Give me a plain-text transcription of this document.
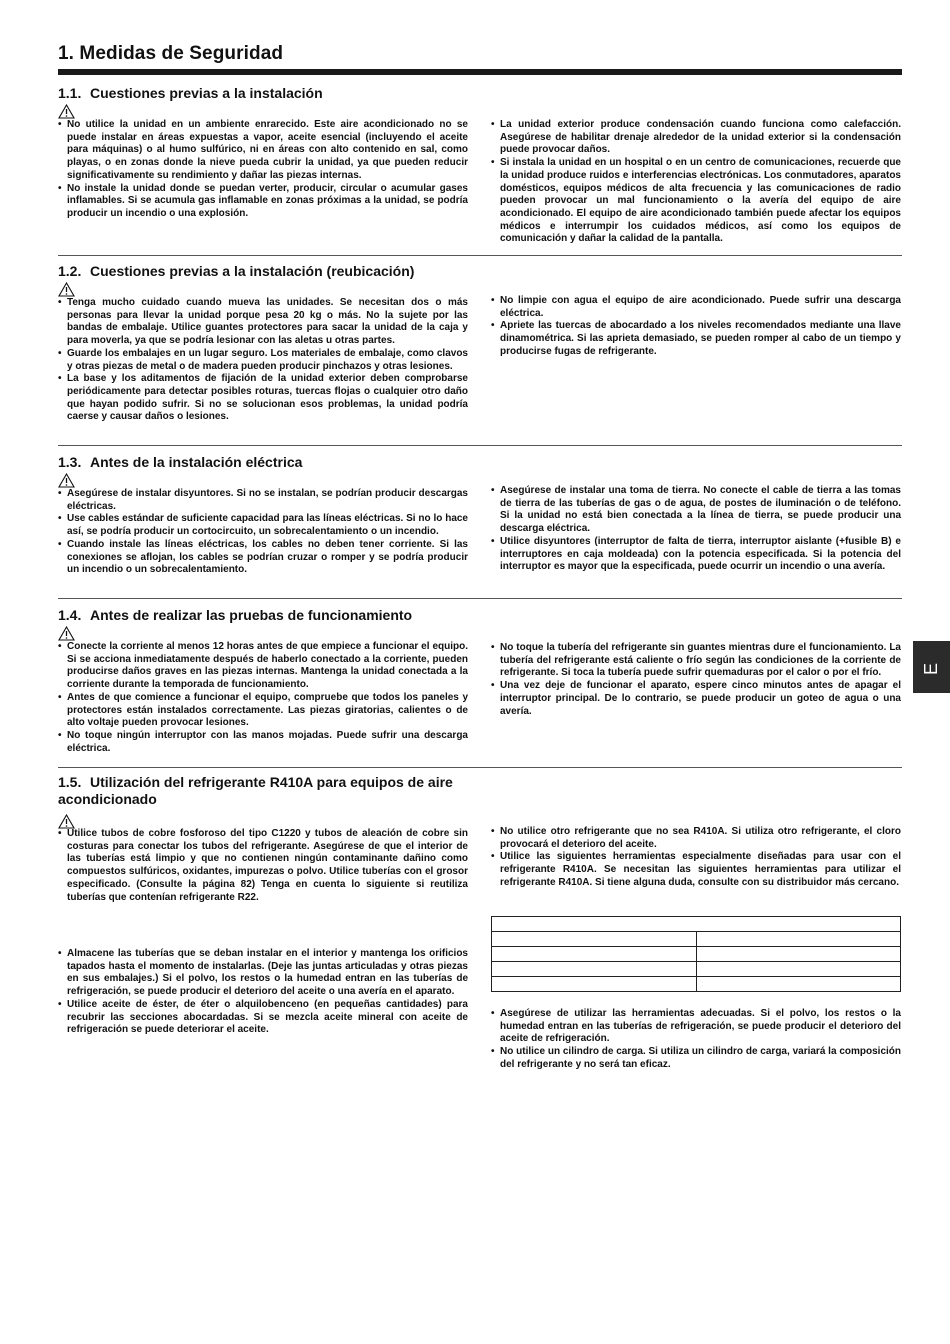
1. Medidas de Seguridad
1.1. Cuestiones previas a la instalación
• No utilice la unidad en un ambiente enrarecido. Este aire acondicionado no se puede instalar en áreas expuestas a vapor, aceite esencial (incluyendo el aceite para máquinas) o al humo sulfúrico, ni en áreas con alto contenido en sal, como playas, o en zonas donde la nieve pueda cubrir la unidad, ya que pueden reducir significativamente su rendimiento y dañar las piezas internas.
• No instale la unidad donde se puedan verter, producir, circular o acumular gases inflamables. Si se acumula gas inflamable en zonas próximas a la unidad, se podría producir un incendio o una explosión.
• La unidad exterior produce condensación cuando funciona como calefacción. Asegúrese de habilitar drenaje alrededor de la unidad exterior si la condensación puede provocar daños.
• Si instala la unidad en un hospital o en un centro de comunicaciones, recuerde que la unidad produce ruidos e interferencias electrónicas. Los conmutadores, aparatos domésticos, equipos médicos de alta frecuencia y las comunicaciones de radio pueden provocar un mal funcionamiento o la avería del equipo de aire acondicionado. El equipo de aire acondicionado también puede afectar los equipos médicos e interrumpir los cuidados médicos, así como los equipos de comunicación y dañar la calidad de la pantalla.
1.2. Cuestiones previas a la instalación (reubicación)
• Tenga mucho cuidado cuando mueva las unidades. Se necesitan dos o más personas para llevar la unidad porque pesa 20 kg o más. No la sujete por las bandas de embalaje. Utilice guantes protectores para sacar la unidad de la caja y para moverla, ya que se podría lesionar con las aletas u otras partes.
• Guarde los embalajes en un lugar seguro. Los materiales de embalaje, como clavos y otras piezas de metal o de madera pueden producir pinchazos y otras lesiones.
• La base y los aditamentos de fijación de la unidad exterior deben comprobarse periódicamente para detectar posibles roturas, tuercas flojas o cualquier otro daño que hayan podido sufrir. Si no se solucionan esos problemas, la unidad podría caerse y causar daños o lesiones.
• No limpie con agua el equipo de aire acondicionado. Puede sufrir una descarga eléctrica.
• Apriete las tuercas de abocardado a los niveles recomendados mediante una llave dinamométrica. Si las aprieta demasiado, se pueden romper al cabo de un tiempo y producirse fugas de refrigerante.
1.3. Antes de la instalación eléctrica
• Asegúrese de instalar disyuntores. Si no se instalan, se podrían producir descargas eléctricas.
• Use cables estándar de suficiente capacidad para las líneas eléctricas. Si no lo hace así, se podría producir un cortocircuito, un sobrecalentamiento o un incendio.
• Cuando instale las líneas eléctricas, los cables no deben tener corriente. Si las conexiones se aflojan, los cables se podrían cruzar o romper y se podría producir un incendio o un sobrecalentamiento.
• Asegúrese de instalar una toma de tierra. No conecte el cable de tierra a las tomas de tierra de las tuberías de gas o de agua, de postes de iluminación o de teléfono. Si la unidad no está bien conectada a la línea de tierra, se puede producir una descarga eléctrica.
• Utilice disyuntores (interruptor de falta de tierra, interruptor aislante (+fusible B) e interruptores en caja moldeada) con la potencia especificada. Si la potencia del interruptor es mayor que la especificada, puede ocurrir un incendio o una avería.
1.4. Antes de realizar las pruebas de funcionamiento
• Conecte la corriente al menos 12 horas antes de que empiece a funcionar el equipo. Si se acciona inmediatamente después de haberlo conectado a la corriente, pueden producirse daños graves en las piezas internas. Mantenga la unidad conectada a la corriente durante la temporada de funcionamiento.
• Antes de que comience a funcionar el equipo, compruebe que todos los paneles y protectores están instalados correctamente. Las piezas giratorias, calientes o de alto voltaje pueden provocar lesiones.
• No toque ningún interruptor con las manos mojadas. Puede sufrir una descarga eléctrica.
• No toque la tubería del refrigerante sin guantes mientras dure el funcionamiento. La tubería del refrigerante está caliente o frío según las condiciones de la corriente de refrigerante. Si toca la tubería puede sufrir quemaduras por el calor o por el frío.
• Una vez deje de funcionar el aparato, espere cinco minutos antes de apagar el interruptor principal. De lo contrario, se puede producir un goteo de agua o una avería.
1.5. Utilización del refrigerante R410A para equipos de aire acondicionado
• Utilice tubos de cobre fosforoso del tipo C1220 y tubos de aleación de cobre sin costuras para conectar los tubos del refrigerante. Asegúrese de que el interior de las tuberías está limpio y que no contienen ningún contaminante dañino como compuestos sulfúricos, oxidantes, impurezas o polvo. Utilice tuberías con el grosor especificado. (Consulte la página 82) Tenga en cuenta lo siguiente si reutiliza tuberías que contenían refrigerante R22.
• Almacene las tuberías que se deban instalar en el interior y mantenga los orificios tapados hasta el momento de instalarlas. (Deje las juntas articuladas y otras piezas en sus embalajes.) Si el polvo, los restos o la humedad entran en las tuberías de refrigeración, se puede producir el deterioro del aceite o una avería en el aparato.
• Utilice aceite de éster, de éter o alquilobenceno (en pequeñas cantidades) para recubrir las secciones abocardadas. Si se mezcla aceite mineral con aceite de refrigeración se puede deteriorar el aceite.
• No utilice otro refrigerante que no sea R410A. Si utiliza otro refrigerante, el cloro provocará el deterioro del aceite.
• Utilice las siguientes herramientas especialmente diseñadas para usar con el refrigerante R410A. Se necesitan las siguientes herramientas para utilizar el refrigerante R410A. Si tiene alguna duda, consulte con su distribuidor más cercano.

• Asegúrese de utilizar las herramientas adecuadas. Si el polvo, los restos o la humedad entran en las tuberías de refrigeración, se puede producir el deterioro del aceite de refrigeración.
• No utilice un cilindro de carga. Si utiliza un cilindro de carga, variará la composición del refrigerante y no será tan eficaz.
E
